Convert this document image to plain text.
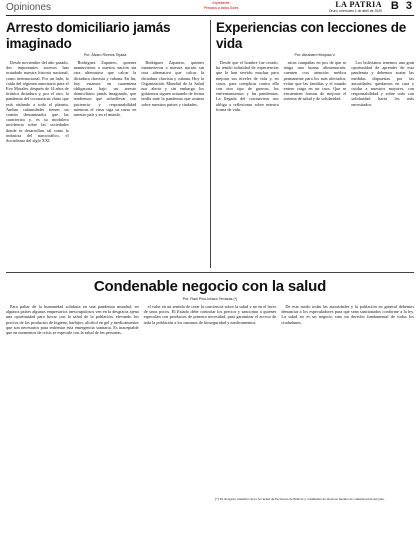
Opiniones	Expediente
Periodos a todos Soles	LA PATRIA
Oruro, miércoles 1 de abril de 2020 B 3
Arresto domiciliario jamás imaginado
Por: Álvaro Riveros Tejada

Desde noviembre del año pasado, dos importantes sucesos han acaudado nuestra historia nacional, como internacional. Por un lado, la caída del régimen autoritario para el Evo Morales, después de 14 años de tiránica dictadura y, por el otro, la pandemia del coronavirus chino que está aislando a todo el planeta. Ambas calamidades tienen un común denominador que las caracteriza y, es su morbilera incidencia sobre las sociedades donde se desarrollan, tal como la industria del narcotráfico, el Socialismo del siglo XXI.

Rodríguez Zapatero, quienes mantuvieron a nuestra nación sin otra alternativa que calcar la dictadura chavista y cubana. En fin, hoy estamos en cuarentena obligatoria bajo un arresto domiciliario jamás imaginado, que tendremos que sobrellevar con paciencia y responsabilidad mientras el virus siga su curso en nuestro país y en el mundo.

Rodríguez Zapatero, quienes mantuvieron a nuestra nación sin otra alternativa que calcar la dictadura chavista y cubana. Hoy la Organización Mundial de la Salud nos alerta y sin embargo los gobiernos siguen actuando de forma tardía ante la pandemia que avanza sobre nuestros países y ciudades.

Experiencias con lecciones de vida
Por: Abraham Hinojosa V.

Desde que el hombre fue creado, ha tenido infinidad de experiencias que le han servido muchas para mejorar sus niveles de vida y, en casos, para complicar contra ella con otro tipo de guerras, los enfrentamientos y las pandemias. La llegada del coronavirus nos obliga a reflexionar sobre nuestra forma de vida.

nicas campañas en pos de que se tenga una buena alimentación, cuenten con atención médica permanente para los más afectados, evitar que las familias y el mundo entero caiga en un caos. Que se encuentren formas de mejorar el sistema de salud y de solidaridad.

Los bolivianos tenemos una gran oportunidad de aprender de esta pandemia y debemos acatar las medidas dispuestas por las autoridades, quedarnos en casa y cuidar a nuestros mayores, con responsabilidad y sobre todo con solidaridad hacia los más necesitados.

Condenable negocio con la salud
Por: Raúl Pino-Ichazo Terrazas (*)

Para paliar de la humanidad solidaria en una pandemia mundial, en algunos países algunos empresarios inescrupulosos ven en la desgracia ajena una oportunidad para lucrar con la salud de la población, elevando los precios de los productos de higiene, barbijos, alcohol en gel y medicamentos que son necesarios para enfrentar esta emergencia sanitaria. Es inaceptable que en momentos de crisis se especule con la salud de las personas.

el valor en un sentido de crear la conciencia sobre la salud y no en el lucro de unos pocos. El Estado debe controlar los precios y sancionar a quienes especulan con productos de primera necesidad, para garantizar el acceso de toda la población a los insumos de bioseguridad y medicamentos.

De este modo todas las autoridades y la población en general debemos denunciar a los especuladores para que sean sancionados conforme a la ley. La salud no es un negocio sino un derecho fundamental de todos los ciudadanos.

(*) Es abogado, miembro de la Sociedad de Escritores de Bolivia y columnista de diversos medios de comunicación del país.
